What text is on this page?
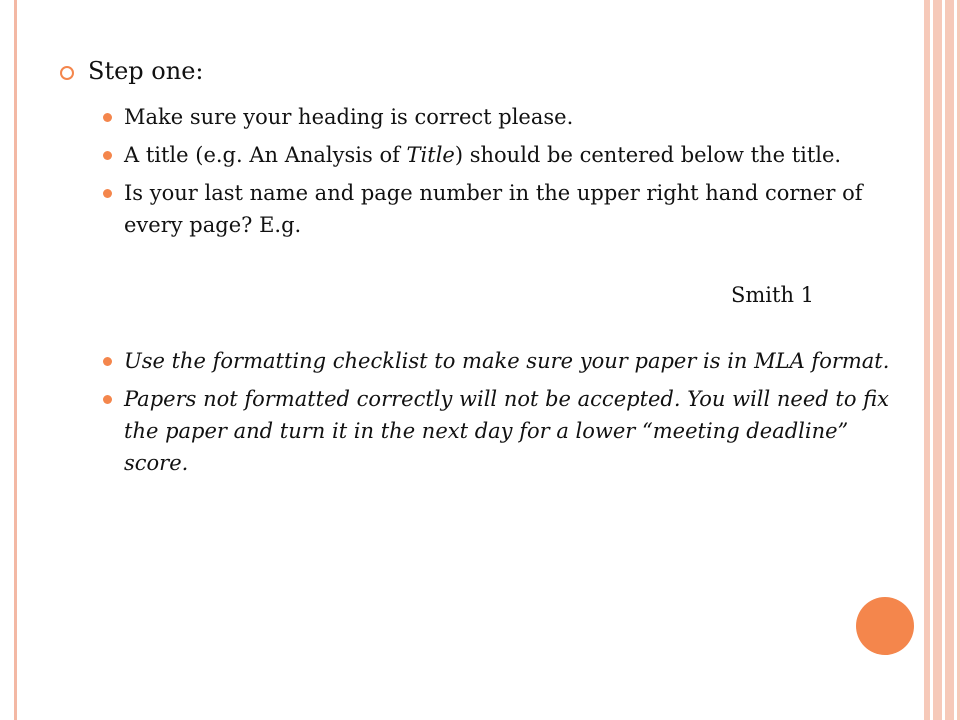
Step one:
Make sure your heading is correct please.
A title (e.g. An Analysis of Title) should be centered below the title.
Is your last name and page number in the upper right hand corner of every page? E.g.
Smith 1
Use the formatting checklist to make sure your paper is in MLA format.
Papers not formatted correctly will not be accepted. You will need to fix the paper and turn it in the next day for a lower “meeting deadline” score.
